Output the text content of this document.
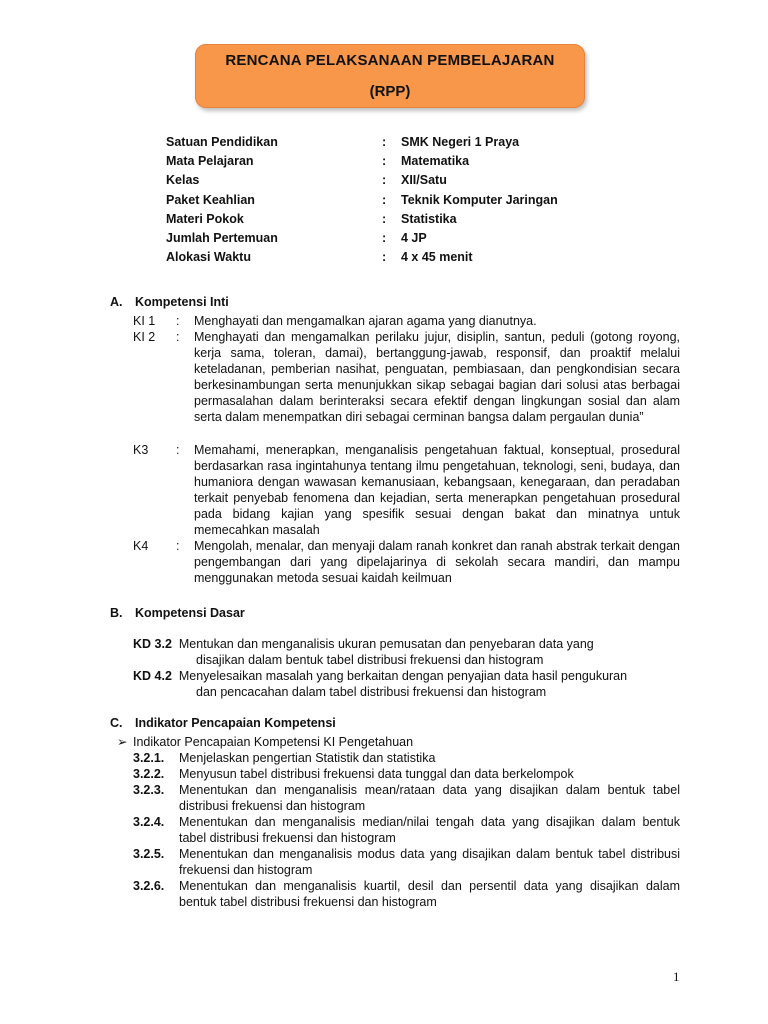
RENCANA PELAKSANAAN PEMBELAJARAN
(RPP)
Satuan Pendidikan	: SMK Negeri 1 Praya
Mata Pelajaran	: Matematika
Kelas	: XII/Satu
Paket Keahlian	: Teknik Komputer Jaringan
Materi Pokok	: Statistika
Jumlah Pertemuan	: 4 JP
Alokasi Waktu	: 4 x 45 menit
A. Kompetensi Inti
KI 1 : Menghayati dan mengamalkan ajaran agama yang dianutnya.
KI 2 : Menghayati dan mengamalkan perilaku jujur, disiplin, santun, peduli (gotong royong, kerja sama, toleran, damai), bertanggung-jawab, responsif, dan proaktif melalui keteladanan, pemberian nasihat, penguatan, pembiasaan, dan pengkondisian secara berkesinambungan serta menunjukkan sikap sebagai bagian dari solusi atas berbagai permasalahan dalam berinteraksi secara efektif dengan lingkungan sosial dan alam serta dalam menempatkan diri sebagai cerminan bangsa dalam pergaulan dunia”
K3 : Memahami, menerapkan, menganalisis pengetahuan faktual, konseptual, prosedural berdasarkan rasa ingintahunya tentang ilmu pengetahuan, teknologi, seni, budaya, dan humaniora dengan wawasan kemanusiaan, kebangsaan, kenegaraan, dan peradaban terkait penyebab fenomena dan kejadian, serta menerapkan pengetahuan prosedural pada bidang kajian yang spesifik sesuai dengan bakat dan minatnya untuk memecahkan masalah
K4 : Mengolah, menalar, dan menyaji dalam ranah konkret dan ranah abstrak terkait dengan pengembangan dari yang dipelajarinya di sekolah secara mandiri, dan mampu menggunakan metoda sesuai kaidah keilmuan
B. Kompetensi Dasar
KD 3.2 Mentukan dan menganalisis ukuran pemusatan dan penyebaran data yang
disajikan dalam bentuk tabel distribusi frekuensi dan histogram
KD 4.2 Menyelesaikan masalah yang berkaitan dengan penyajian data hasil pengukuran
dan pencacahan dalam tabel distribusi frekuensi dan histogram
C. Indikator Pencapaian Kompetensi
➢ Indikator Pencapaian Kompetensi KI Pengetahuan
3.2.1. Menjelaskan pengertian Statistik dan statistika
3.2.2. Menyusun tabel distribusi frekuensi data tunggal dan data berkelompok
3.2.3. Menentukan dan menganalisis mean/rataan data yang disajikan dalam bentuk tabel distribusi frekuensi dan histogram
3.2.4. Menentukan dan menganalisis median/nilai tengah data yang disajikan dalam bentuk tabel distribusi frekuensi dan histogram
3.2.5. Menentukan dan menganalisis modus data yang disajikan dalam bentuk tabel distribusi frekuensi dan histogram
3.2.6. Menentukan dan menganalisis kuartil, desil dan persentil data yang disajikan dalam bentuk tabel distribusi frekuensi dan histogram
1
